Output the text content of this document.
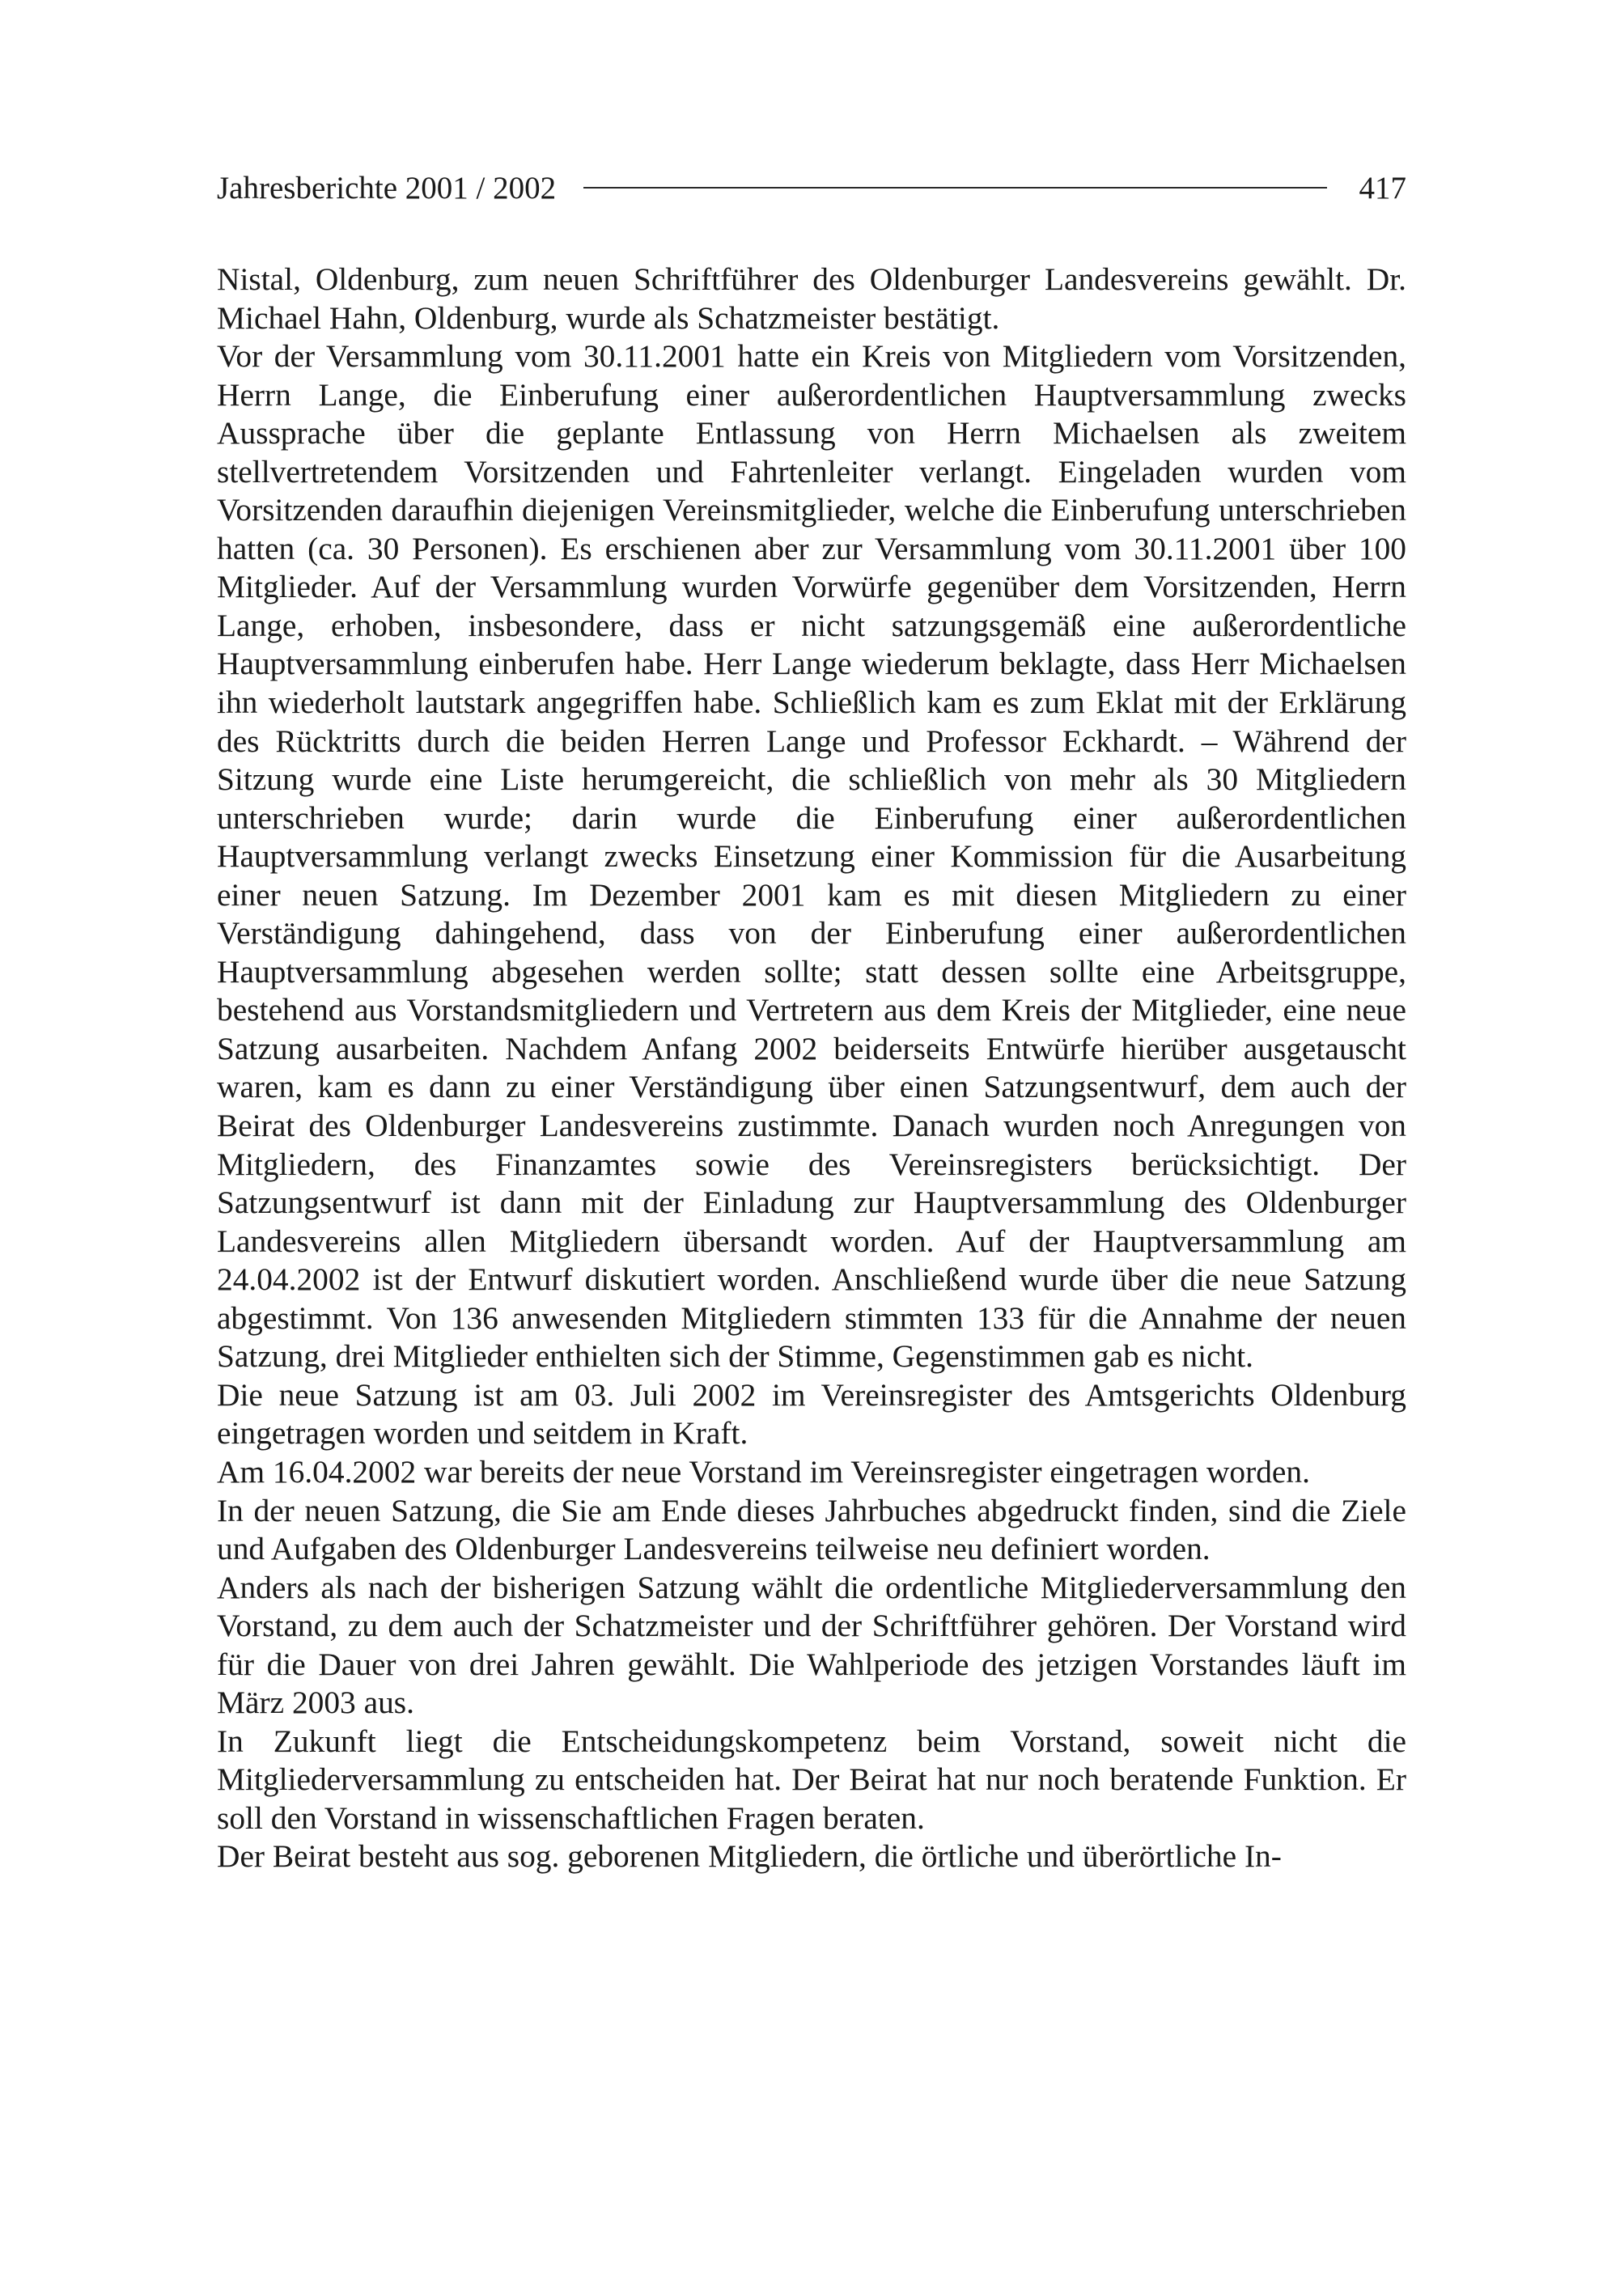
Jahresberichte 2001 / 2002	417

Nistal, Oldenburg, zum neuen Schriftführer des Oldenburger Landesvereins gewählt. Dr. Michael Hahn, Oldenburg, wurde als Schatzmeister bestätigt.

Vor der Versammlung vom 30.11.2001 hatte ein Kreis von Mitgliedern vom Vorsitzenden, Herrn Lange, die Einberufung einer außerordentlichen Hauptversammlung zwecks Aussprache über die geplante Entlassung von Herrn Michaelsen als zweitem stellvertretendem Vorsitzenden und Fahrtenleiter verlangt. Eingeladen wurden vom Vorsitzenden daraufhin diejenigen Vereinsmitglieder, welche die Einberufung unterschrieben hatten (ca. 30 Personen). Es erschienen aber zur Versammlung vom 30.11.2001 über 100 Mitglieder. Auf der Versammlung wurden Vorwürfe gegenüber dem Vorsitzenden, Herrn Lange, erhoben, insbesondere, dass er nicht satzungsgemäß eine außerordentliche Hauptversammlung einberufen habe. Herr Lange wiederum beklagte, dass Herr Michaelsen ihn wiederholt lautstark angegriffen habe. Schließlich kam es zum Eklat mit der Erklärung des Rücktritts durch die beiden Herren Lange und Professor Eckhardt. – Während der Sitzung wurde eine Liste herumgereicht, die schließlich von mehr als 30 Mitgliedern unterschrieben wurde; darin wurde die Einberufung einer außerordentlichen Hauptversammlung verlangt zwecks Einsetzung einer Kommission für die Ausarbeitung einer neuen Satzung. Im Dezember 2001 kam es mit diesen Mitgliedern zu einer Verständigung dahingehend, dass von der Einberufung einer außerordentlichen Hauptversammlung abgesehen werden sollte; statt dessen sollte eine Arbeitsgruppe, bestehend aus Vorstandsmitgliedern und Vertretern aus dem Kreis der Mitglieder, eine neue Satzung ausarbeiten. Nachdem Anfang 2002 beiderseits Entwürfe hierüber ausgetauscht waren, kam es dann zu einer Verständigung über einen Satzungsentwurf, dem auch der Beirat des Oldenburger Landesvereins zustimmte. Danach wurden noch Anregungen von Mitgliedern, des Finanzamtes sowie des Vereinsregisters berücksichtigt. Der Satzungsentwurf ist dann mit der Einladung zur Hauptversammlung des Oldenburger Landesvereins allen Mitgliedern übersandt worden. Auf der Hauptversammlung am 24.04.2002 ist der Entwurf diskutiert worden. Anschließend wurde über die neue Satzung abgestimmt. Von 136 anwesenden Mitgliedern stimmten 133 für die Annahme der neuen Satzung, drei Mitglieder enthielten sich der Stimme, Gegenstimmen gab es nicht.

Die neue Satzung ist am 03. Juli 2002 im Vereinsregister des Amtsgerichts Oldenburg eingetragen worden und seitdem in Kraft.

Am 16.04.2002 war bereits der neue Vorstand im Vereinsregister eingetragen worden.

In der neuen Satzung, die Sie am Ende dieses Jahrbuches abgedruckt finden, sind die Ziele und Aufgaben des Oldenburger Landesvereins teilweise neu definiert worden.

Anders als nach der bisherigen Satzung wählt die ordentliche Mitgliederversammlung den Vorstand, zu dem auch der Schatzmeister und der Schriftführer gehören. Der Vorstand wird für die Dauer von drei Jahren gewählt. Die Wahlperiode des jetzigen Vorstandes läuft im März 2003 aus.

In Zukunft liegt die Entscheidungskompetenz beim Vorstand, soweit nicht die Mitgliederversammlung zu entscheiden hat. Der Beirat hat nur noch beratende Funktion. Er soll den Vorstand in wissenschaftlichen Fragen beraten.

Der Beirat besteht aus sog. geborenen Mitgliedern, die örtliche und überörtliche In-
